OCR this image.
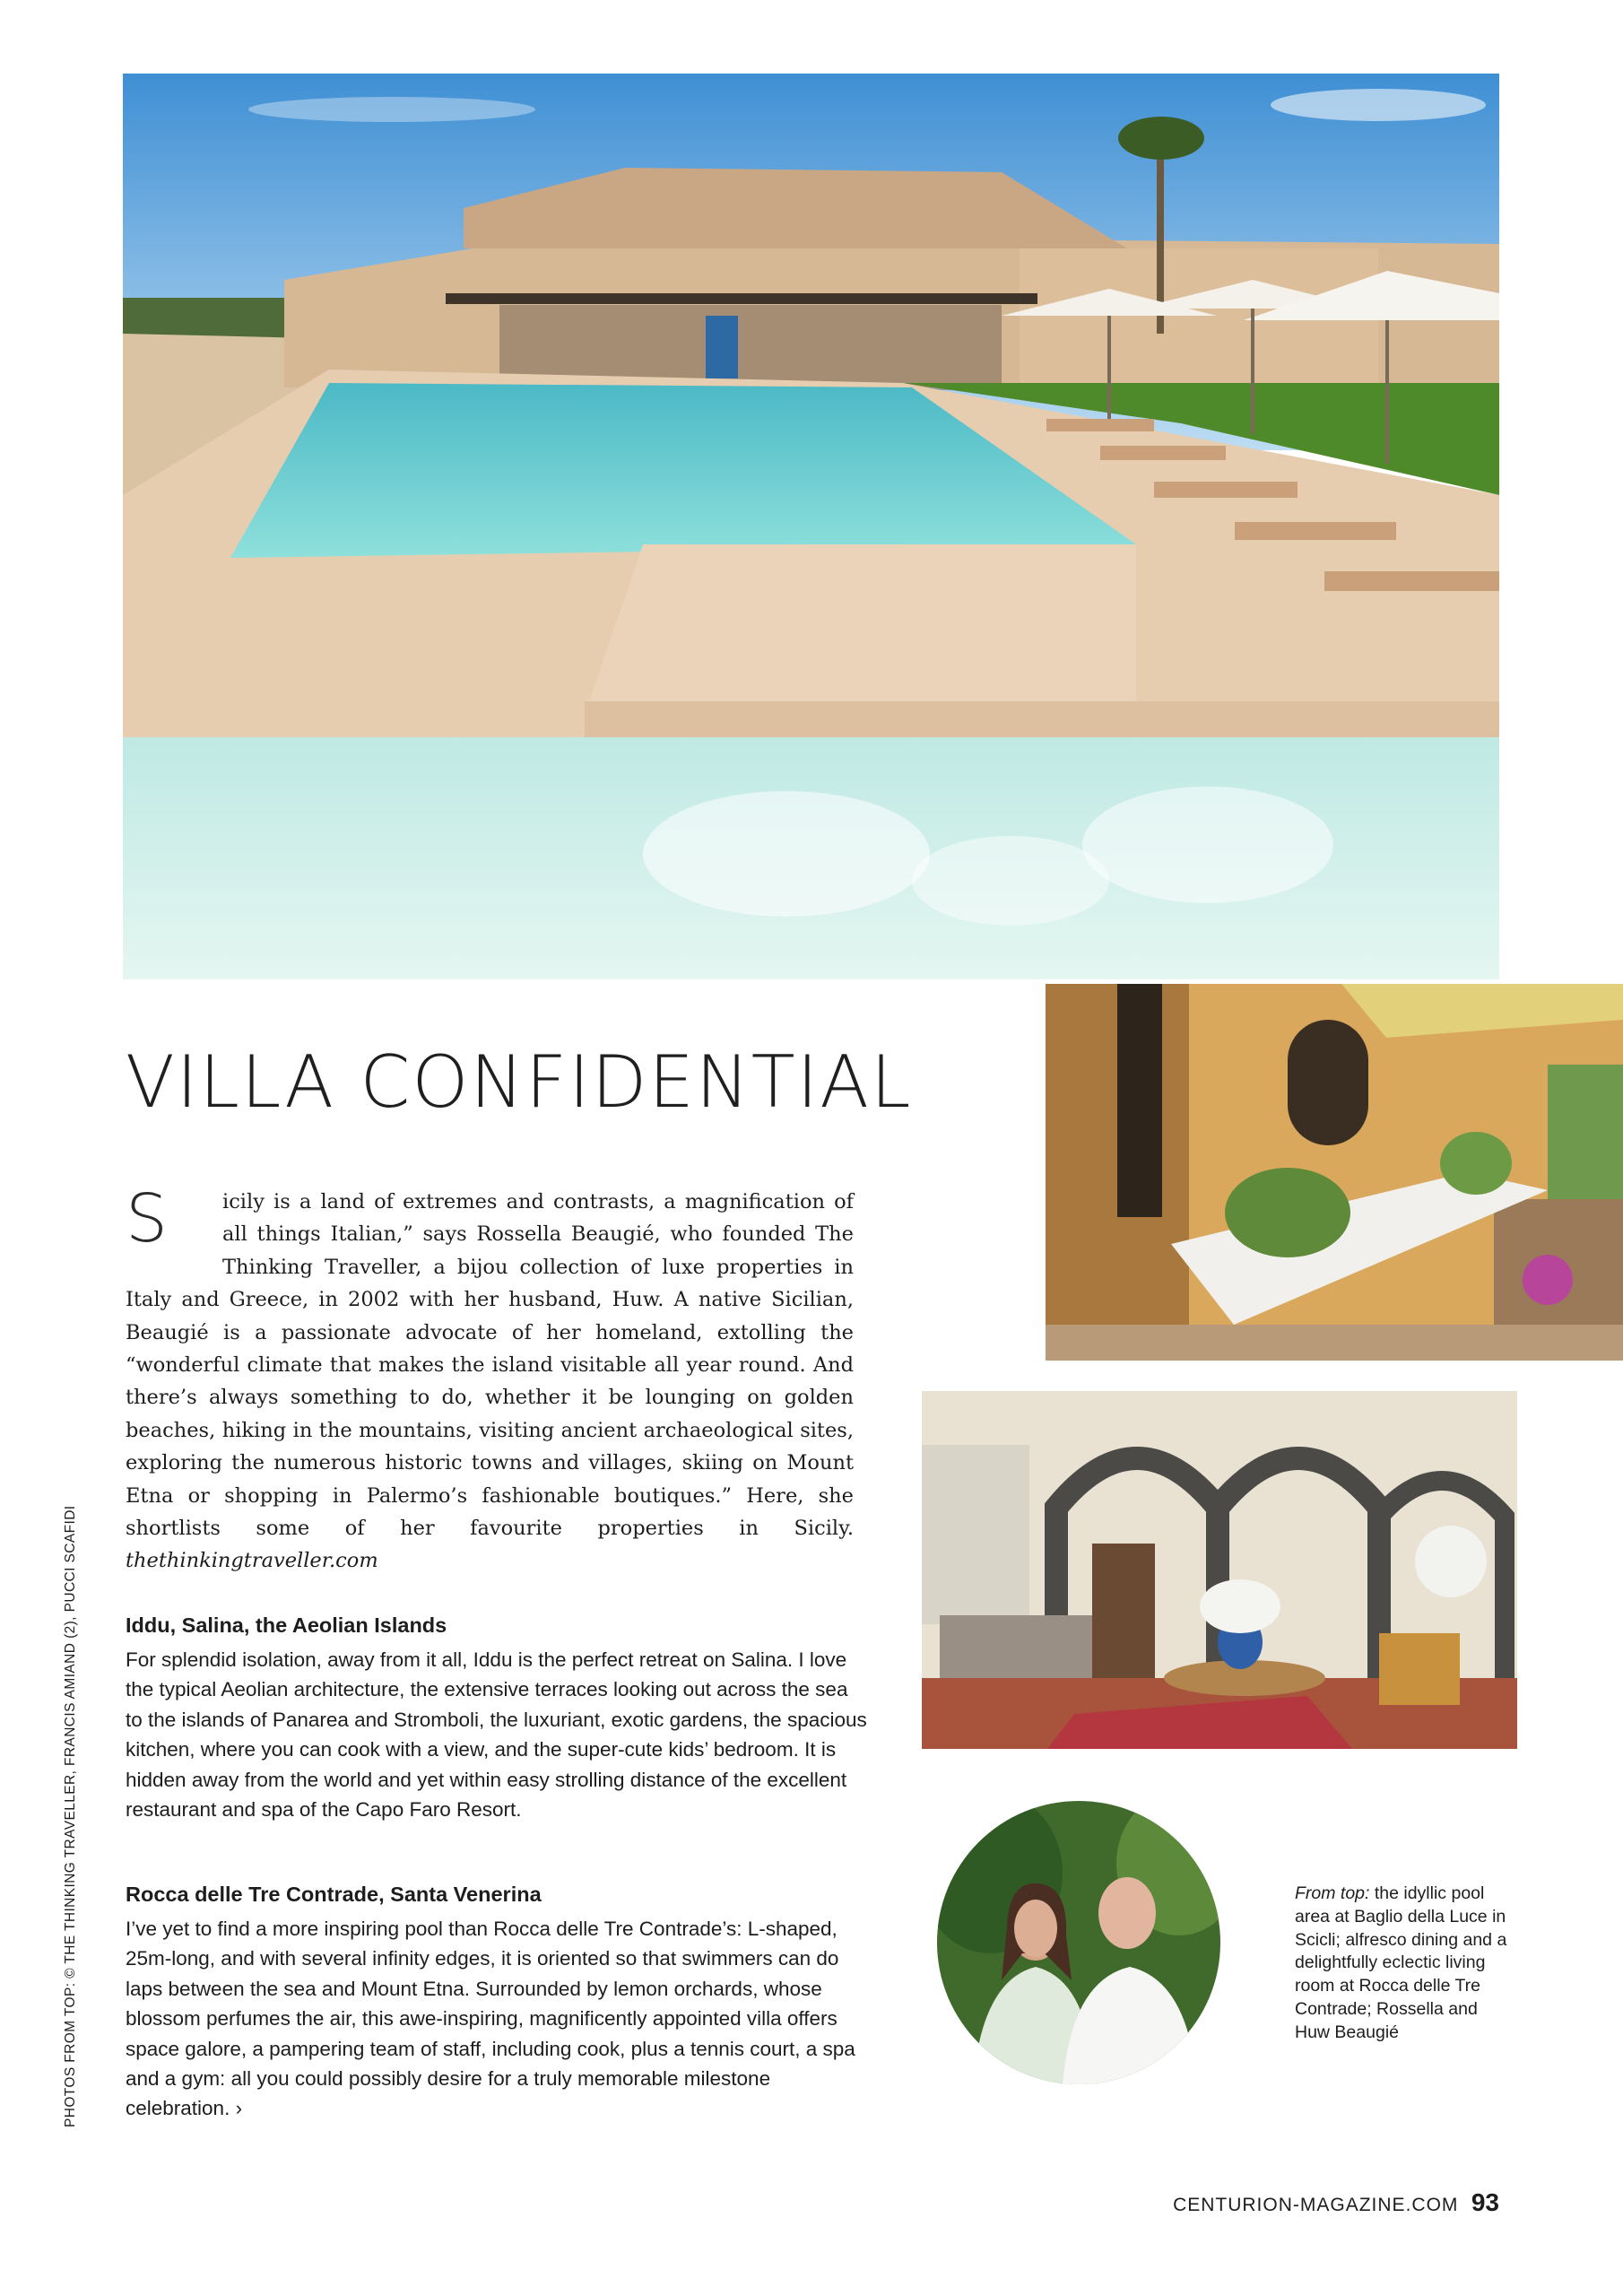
VILLA CONFIDENTIAL

S	icily is a land of extremes and contrasts, a magnification of all things Italian,” says Rossella Beaugié, who founded The Thinking Traveller, a bijou collection of luxe properties in Italy and Greece, in 2002 with her husband, Huw. A native Sicilian, Beaugié is a passionate advocate of her homeland, extolling the “wonderful climate that makes the island visitable all year round. And there’s always something to do, whether it be lounging on golden beaches, hiking in the mountains, visiting ancient archaeological sites, exploring the numerous historic towns and villages, skiing on Mount Etna or shopping in Palermo’s fashionable boutiques.” Here, she shortlists some of her favourite properties in Sicily. thethinkingtraveller.com

Iddu, Salina, the Aeolian Islands

For splendid isolation, away from it all, Iddu is the perfect retreat on Salina. I love the typical Aeolian architecture, the extensive terraces looking out across the sea to the islands of Panarea and Stromboli, the luxuriant, exotic gardens, the spacious kitchen, where you can cook with a view, and the super-cute kids’ bedroom. It is hidden away from the world and yet within easy strolling distance of the excellent restaurant and spa of the Capo Faro Resort.

Rocca delle Tre Contrade, Santa Venerina

I’ve yet to find a more inspiring pool than Rocca delle Tre Contrade’s: L-shaped, 25m-long, and with several infinity edges, it is oriented so that swimmers can do laps between the sea and Mount Etna. Surrounded by lemon orchards, whose blossom perfumes the air, this awe-inspiring, magnificently appointed villa offers space galore, a pampering team of staff, including cook, plus a tennis court, a spa and a gym: all you could possibly desire for a truly memorable milestone celebration. ›

From top: the idyllic pool area at Baglio della Luce in Scicli; alfresco dining and a delightfully eclectic living room at Rocca delle Tre Contrade; Rossella and Huw Beaugié
PHOTOS FROM TOP: © THE THINKING TRAVELLER, FRANCIS AMIAND (2), PUCCI SCAFIDI
CENTURION-MAGAZINE.COM 93
